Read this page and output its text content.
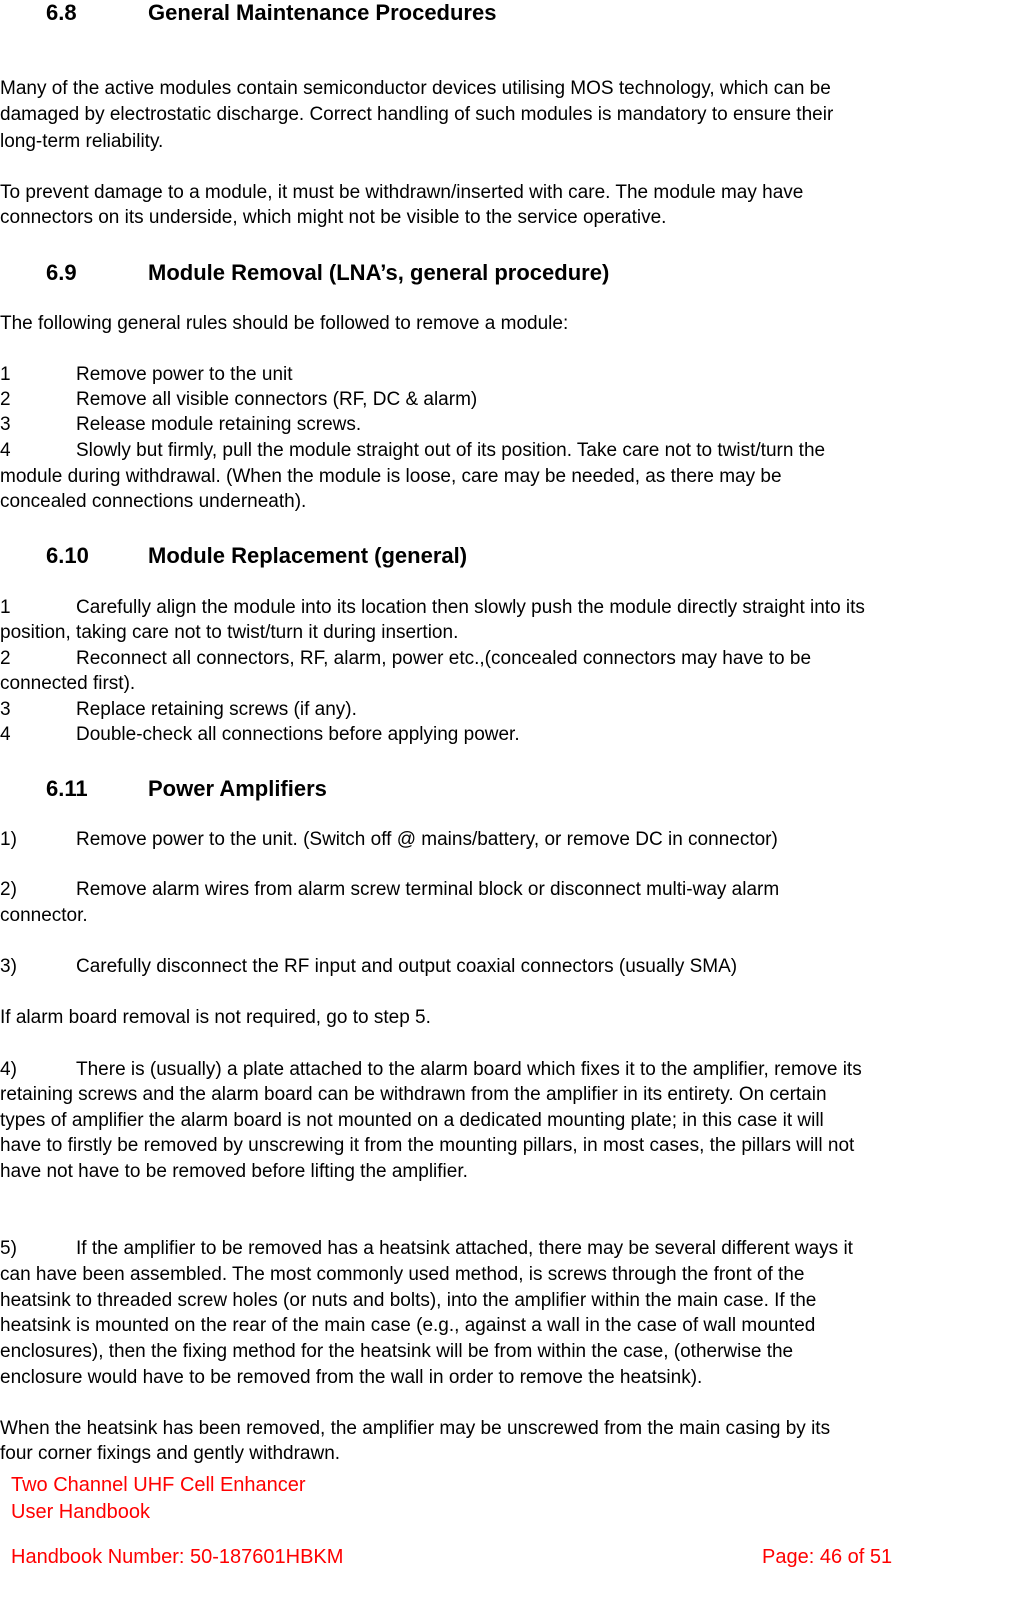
6.8	General Maintenance Procedures
Many of the active modules contain semiconductor devices utilising MOS technology, which can be
damaged by electrostatic discharge. Correct handling of such modules is mandatory to ensure their
long-term reliability.
To prevent damage to a module, it must be withdrawn/inserted with care. The module may have
connectors on its underside, which might not be visible to the service operative.
6.9	Module Removal (LNA’s, general procedure)
The following general rules should be followed to remove a module:
1	Remove power to the unit
2	Remove all visible connectors (RF, DC & alarm)
3	Release module retaining screws.
4	Slowly but firmly, pull the module straight out of its position. Take care not to twist/turn the
module during withdrawal. (When the module is loose, care may be needed, as there may be
concealed connections underneath).
6.10	Module Replacement (general)
1	Carefully align the module into its location then slowly push the module directly straight into its
position, taking care not to twist/turn it during insertion.
2	Reconnect all connectors, RF, alarm, power etc.,(concealed connectors may have to be
connected first).
3	Replace retaining screws (if any).
4	Double-check all connections before applying power.
6.11	Power Amplifiers
1)	Remove power to the unit. (Switch off @ mains/battery, or remove DC in connector)
2)	Remove alarm wires from alarm screw terminal block or disconnect multi-way alarm
connector.
3)	Carefully disconnect the RF input and output coaxial connectors (usually SMA)
If alarm board removal is not required, go to step 5.
4)	There is (usually) a plate attached to the alarm board which fixes it to the amplifier, remove its
retaining screws and the alarm board can be withdrawn from the amplifier in its entirety. On certain
types of amplifier the alarm board is not mounted on a dedicated mounting plate; in this case it will
have to firstly be removed by unscrewing it from the mounting pillars, in most cases, the pillars will not
have not have to be removed before lifting the amplifier.
5)	If the amplifier to be removed has a heatsink attached, there may be several different ways it
can have been assembled. The most commonly used method, is screws through the front of the
heatsink to threaded screw holes (or nuts and bolts), into the amplifier within the main case. If the
heatsink is mounted on the rear of the main case (e.g., against a wall in the case of wall mounted
enclosures), then the fixing method for the heatsink will be from within the case, (otherwise the
enclosure would have to be removed from the wall in order to remove the heatsink).
When the heatsink has been removed, the amplifier may be unscrewed from the main casing by its
four corner fixings and gently withdrawn.
Two Channel UHF Cell Enhancer
User Handbook
Handbook Number: 50-187601HBKM	Page: 46 of 51
